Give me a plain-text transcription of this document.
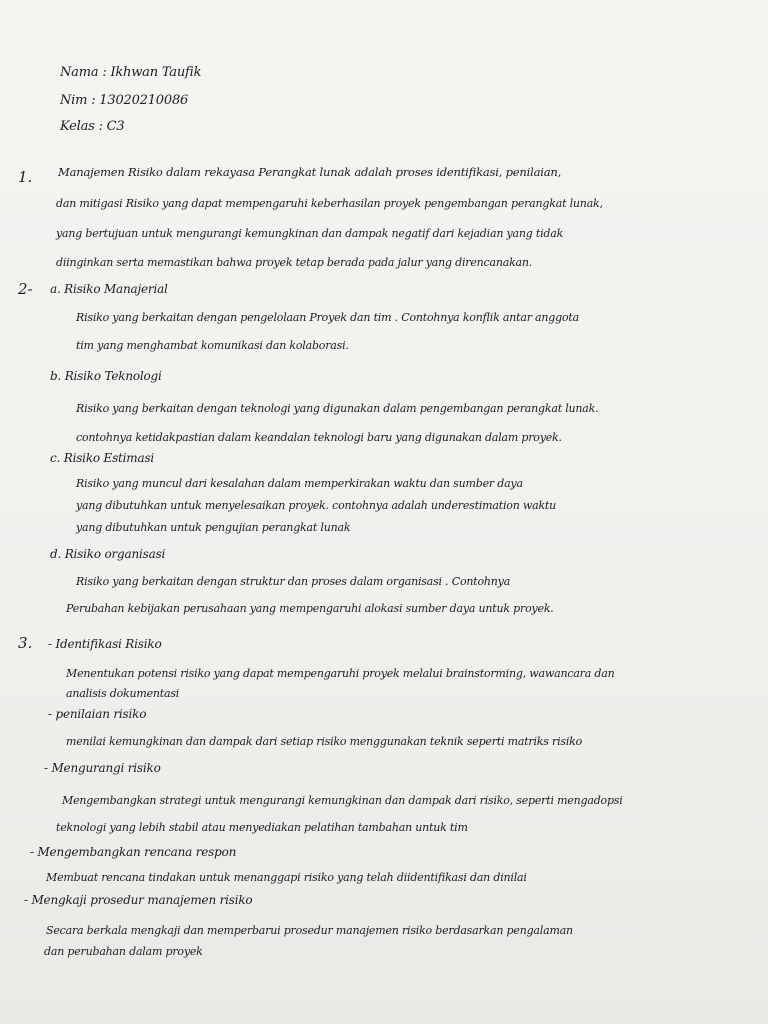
Nama : Ikhwan Taufik
Nim : 13020210086
Kelas : C3
1. Manajemen Risiko dalam rekayasa Perangkat lunak adalah proses identifikasi, penilaian,
dan mitigasi Risiko yang dapat mempengaruhi keberhasilan proyek pengembangan perangkat lunak,
yang bertujuan untuk mengurangi kemungkinan dan dampak negatif dari kejadian yang tidak
diinginkan serta memastikan bahwa proyek tetap berada pada jalur yang direncanakan.
2- a. Risiko Manajerial
Risiko yang berkaitan dengan pengelolaan Proyek dan tim . Contohnya konflik antar anggota
tim yang menghambat komunikasi dan kolaborasi.
b. Risiko Teknologi
Risiko yang berkaitan dengan teknologi yang digunakan dalam pengembangan perangkat lunak.
contohnya ketidakpastian dalam keandalan teknologi baru yang digunakan dalam proyek.
c. Risiko Estimasi
Risiko yang muncul dari kesalahan dalam memperkirakan waktu dan sumber daya
yang dibutuhkan untuk menyelesaikan proyek. contohnya adalah underestimation waktu
yang dibutuhkan untuk pengujian perangkat lunak
d. Risiko organisasi
Risiko yang berkaitan dengan struktur dan proses dalam organisasi . Contohnya
Perubahan kebijakan perusahaan yang mempengaruhi alokasi sumber daya untuk proyek.
3. - Identifikasi Risiko
Menentukan potensi risiko yang dapat mempengaruhi proyek melalui brainstorming, wawancara dan
analisis dokumentasi
- penilaian risiko
menilai kemungkinan dan dampak dari setiap risiko menggunakan teknik seperti matriks risiko
- Mengurangi risiko
Mengembangkan strategi untuk mengurangi kemungkinan dan dampak dari risiko, seperti mengadopsi
teknologi yang lebih stabil atau menyediakan pelatihan tambahan untuk tim
- Mengembangkan rencana respon
Membuat rencana tindakan untuk menanggapi risiko yang telah diidentifikasi dan dinilai
- Mengkaji prosedur manajemen risiko
Secara berkala mengkaji dan memperbarui prosedur manajemen risiko berdasarkan pengalaman
dan perubahan dalam proyek
